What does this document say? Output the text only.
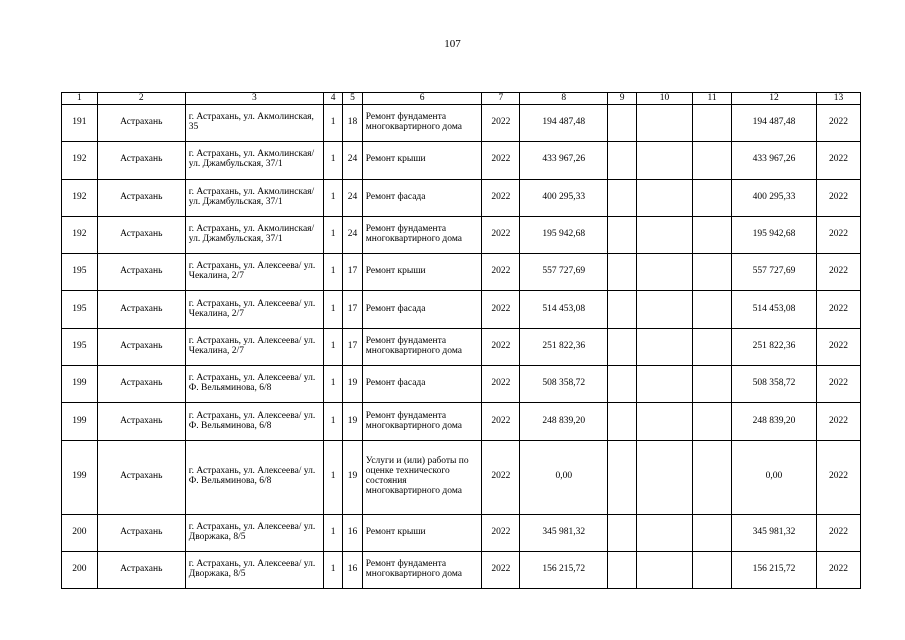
107
1	2	3	4	5	6	7	8	9	10	11	12	13
191	Астрахань	г. Астрахань, ул. Акмолинская, 35	1	18	Ремонт фундамента многоквартирного дома	2022	194 487,48				194 487,48	2022
192	Астрахань	г. Астрахань, ул. Акмолинская/ ул. Джамбульская, 37/1	1	24	Ремонт крыши	2022	433 967,26				433 967,26	2022
192	Астрахань	г. Астрахань, ул. Акмолинская/ ул. Джамбульская, 37/1	1	24	Ремонт фасада	2022	400 295,33				400 295,33	2022
192	Астрахань	г. Астрахань, ул. Акмолинская/ ул. Джамбульская, 37/1	1	24	Ремонт фундамента многоквартирного дома	2022	195 942,68				195 942,68	2022
195	Астрахань	г. Астрахань, ул. Алексеева/ ул. Чекалина, 2/7	1	17	Ремонт крыши	2022	557 727,69				557 727,69	2022
195	Астрахань	г. Астрахань, ул. Алексеева/ ул. Чекалина, 2/7	1	17	Ремонт фасада	2022	514 453,08				514 453,08	2022
195	Астрахань	г. Астрахань, ул. Алексеева/ ул. Чекалина, 2/7	1	17	Ремонт фундамента многоквартирного дома	2022	251 822,36				251 822,36	2022
199	Астрахань	г. Астрахань, ул. Алексеева/ ул. Ф. Вельяминова, 6/8	1	19	Ремонт фасада	2022	508 358,72				508 358,72	2022
199	Астрахань	г. Астрахань, ул. Алексеева/ ул. Ф. Вельяминова, 6/8	1	19	Ремонт фундамента многоквартирного дома	2022	248 839,20				248 839,20	2022
199	Астрахань	г. Астрахань, ул. Алексеева/ ул. Ф. Вельяминова, 6/8	1	19	Услуги и (или) работы по оценке технического состояния многоквартирного дома	2022	0,00				0,00	2022
200	Астрахань	г. Астрахань, ул. Алексеева/ ул. Дворжака, 8/5	1	16	Ремонт крыши	2022	345 981,32				345 981,32	2022
200	Астрахань	г. Астрахань, ул. Алексеева/ ул. Дворжака, 8/5	1	16	Ремонт фундамента многоквартирного дома	2022	156 215,72				156 215,72	2022
